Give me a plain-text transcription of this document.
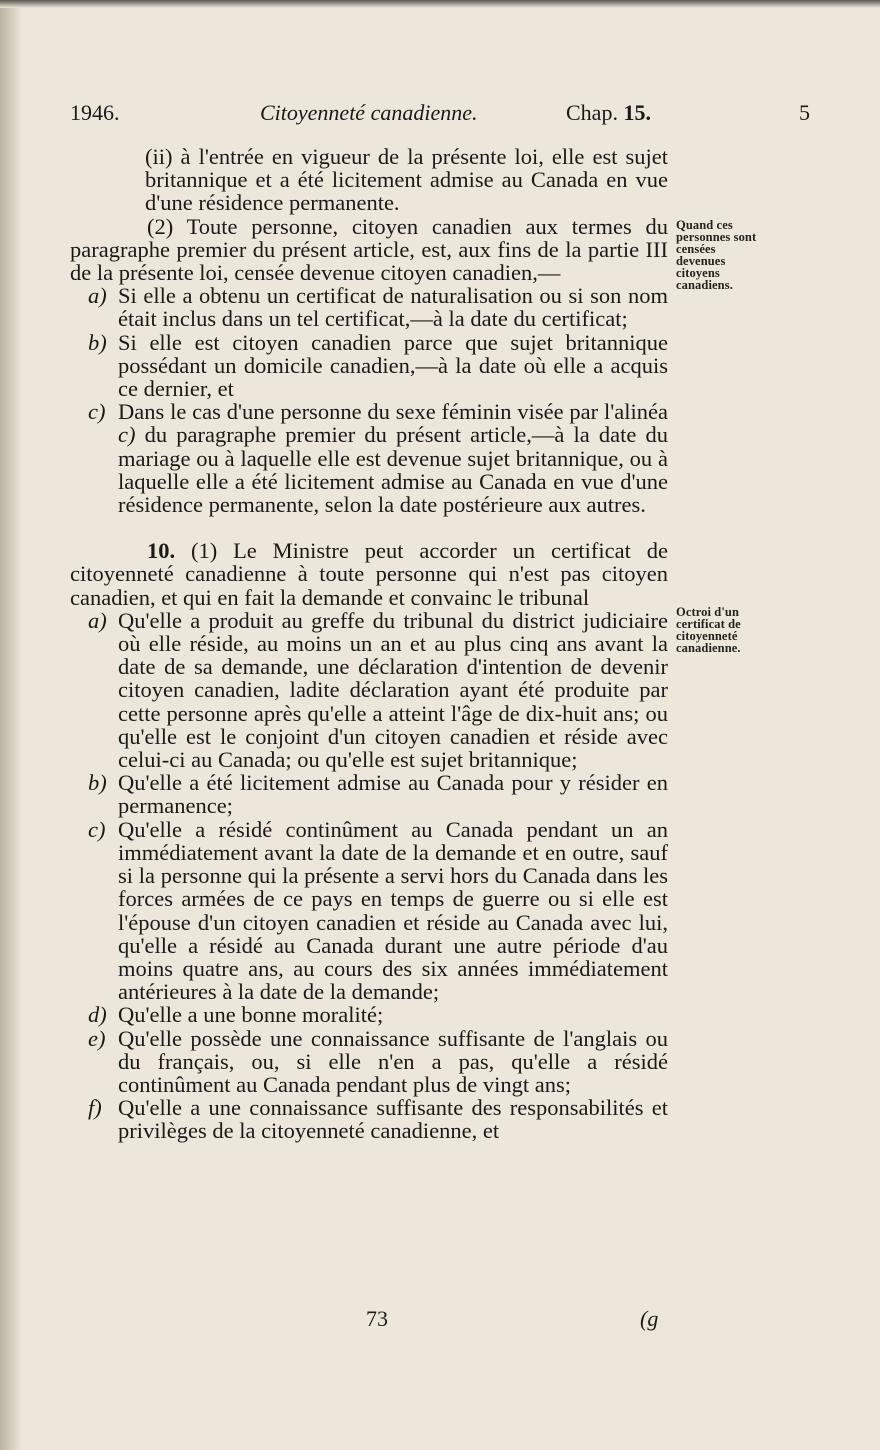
1946.	Citoyenneté canadienne.	Chap. 15.	5

(ii) à l'entrée en vigueur de la présente loi, elle est sujet britannique et a été licitement admise au Canada en vue d'une résidence permanente.

(2) Toute personne, citoyen canadien aux termes du paragraphe premier du présent article, est, aux fins de la partie III de la présente loi, censée devenue citoyen canadien,—

a) Si elle a obtenu un certificat de naturalisation ou si son nom était inclus dans un tel certificat,—à la date du certificat;

b) Si elle est citoyen canadien parce que sujet britannique possédant un domicile canadien,—à la date où elle a acquis ce dernier, et

c) Dans le cas d'une personne du sexe féminin visée par l'alinéa c) du paragraphe premier du présent article,—à la date du mariage ou à laquelle elle est devenue sujet britannique, ou à laquelle elle a été licitement admise au Canada en vue d'une résidence permanente, selon la date postérieure aux autres.

10. (1) Le Ministre peut accorder un certificat de citoyenneté canadienne à toute personne qui n'est pas citoyen canadien, et qui en fait la demande et convainc le tribunal

a) Qu'elle a produit au greffe du tribunal du district judiciaire où elle réside, au moins un an et au plus cinq ans avant la date de sa demande, une déclaration d'intention de devenir citoyen canadien, ladite déclaration ayant été produite par cette personne après qu'elle a atteint l'âge de dix-huit ans; ou qu'elle est le conjoint d'un citoyen canadien et réside avec celui-ci au Canada; ou qu'elle est sujet britannique;

b) Qu'elle a été licitement admise au Canada pour y résider en permanence;

c) Qu'elle a résidé continûment au Canada pendant un an immédiatement avant la date de la demande et en outre, sauf si la personne qui la présente a servi hors du Canada dans les forces armées de ce pays en temps de guerre ou si elle est l'épouse d'un citoyen canadien et réside au Canada avec lui, qu'elle a résidé au Canada durant une autre période d'au moins quatre ans, au cours des six années immédiatement antérieures à la date de la demande;

d) Qu'elle a une bonne moralité;

e) Qu'elle possède une connaissance suffisante de l'anglais ou du français, ou, si elle n'en a pas, qu'elle a résidé continûment au Canada pendant plus de vingt ans;

f) Qu'elle a une connaissance suffisante des responsabilités et privilèges de la citoyenneté canadienne, et

Quand ces
personnes sont
censées
devenues
citoyens
canadiens.
Octroi d'un
certificat de
citoyenneté
canadienne.
73	(g
